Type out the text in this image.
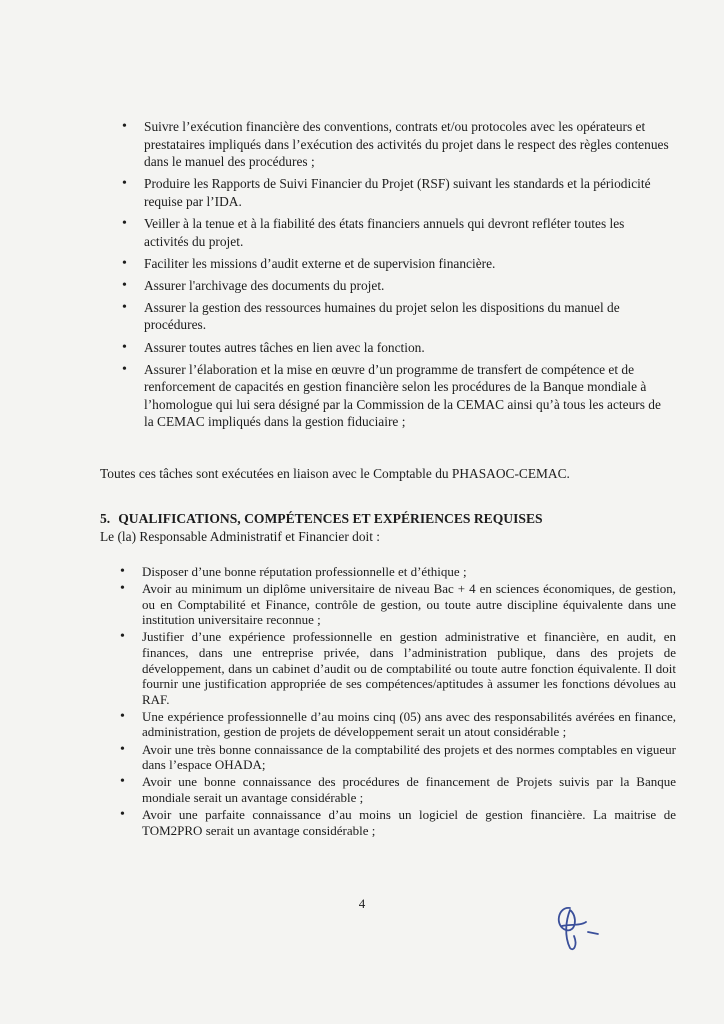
• Suivre l’exécution financière des conventions, contrats et/ou protocoles avec les opérateurs et prestataires impliqués dans l’exécution des activités du projet dans le respect des règles contenues dans le manuel des procédures ;
• Produire les Rapports de Suivi Financier du Projet (RSF) suivant les standards et la périodicité requise par l’IDA.
• Veiller à la tenue et à la fiabilité des états financiers annuels qui devront refléter toutes les activités du projet.
• Faciliter les missions d’audit externe et de supervision financière.
• Assurer l'archivage des documents du projet.
• Assurer la gestion des ressources humaines du projet selon les dispositions du manuel de procédures.
• Assurer toutes autres tâches en lien avec la fonction.
• Assurer l’élaboration et la mise en œuvre d’un programme de transfert de compétence et de renforcement de capacités en gestion financière selon les procédures de la Banque mondiale à l’homologue qui lui sera désigné par la Commission de la CEMAC ainsi qu’à tous les acteurs de la CEMAC impliqués dans la gestion fiduciaire ;

Toutes ces tâches sont exécutées en liaison avec le Comptable du PHASAOC-CEMAC.

5. QUALIFICATIONS, COMPÉTENCES ET EXPÉRIENCES REQUISES

Le (la) Responsable Administratif et Financier doit :

• Disposer d’une bonne réputation professionnelle et d’éthique ;
• Avoir au minimum un diplôme universitaire de niveau Bac + 4 en sciences économiques, de gestion, ou en Comptabilité et Finance, contrôle de gestion, ou toute autre discipline équivalente dans une institution universitaire reconnue ;
• Justifier d’une expérience professionnelle en gestion administrative et financière, en audit, en finances, dans une entreprise privée, dans l’administration publique, dans des projets de développement, dans un cabinet d’audit ou de comptabilité ou toute autre fonction équivalente. Il doit fournir une justification appropriée de ses compétences/aptitudes à assumer les fonctions dévolues au RAF.
• Une expérience professionnelle d’au moins cinq (05) ans avec des responsabilités avérées en finance, administration, gestion de projets de développement serait un atout considérable ;
• Avoir une très bonne connaissance de la comptabilité des projets et des normes comptables en vigueur dans l’espace OHADA;
• Avoir une bonne connaissance des procédures de financement de Projets suivis par la Banque mondiale serait un avantage considérable ;
• Avoir une parfaite connaissance d’au moins un logiciel de gestion financière. La maitrise de TOM2PRO serait un avantage considérable ;

4
